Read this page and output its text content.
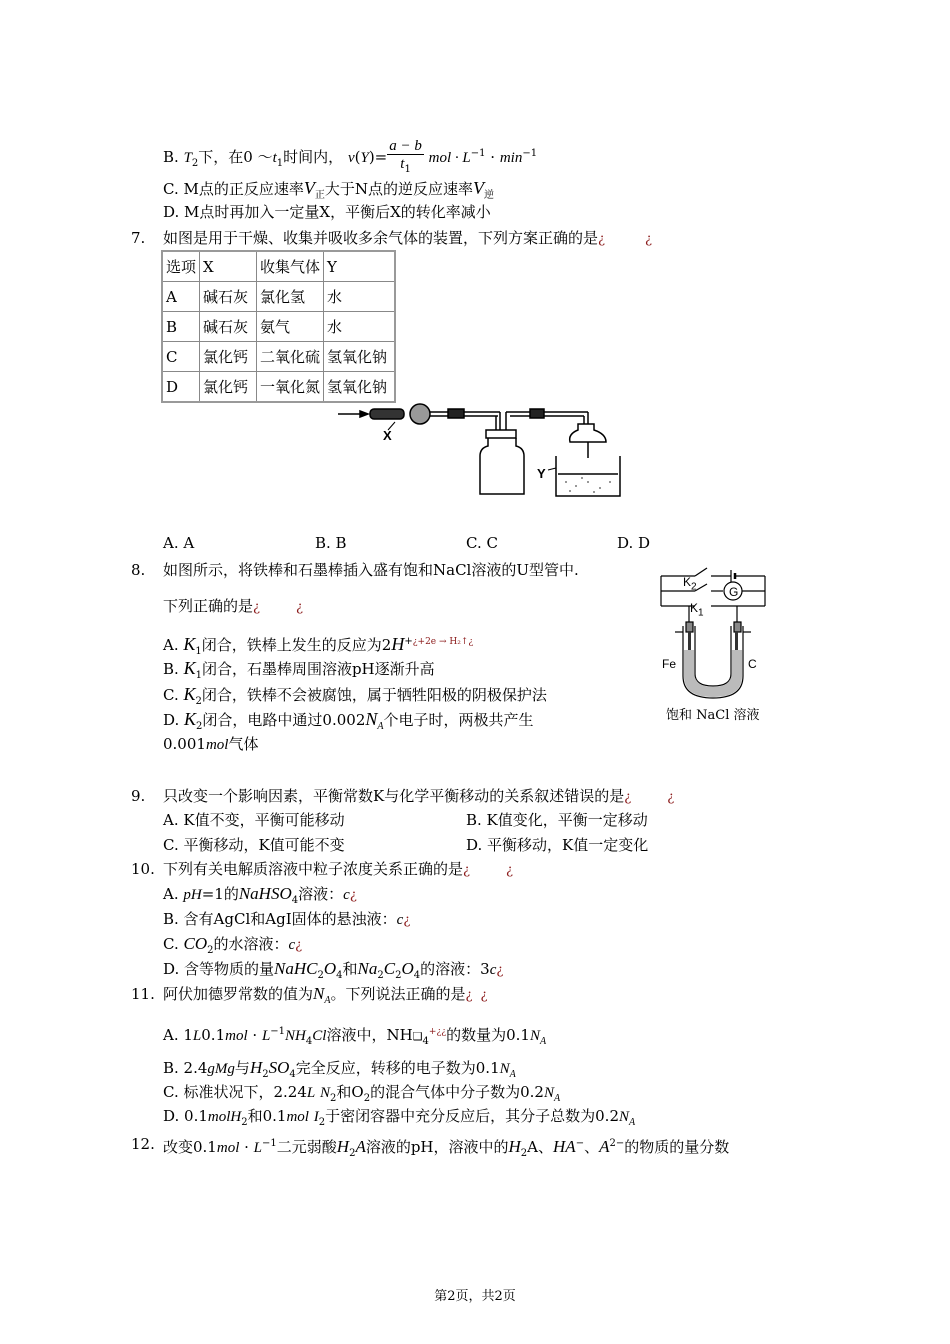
B. $T_2$下，在0 $\sim t_1$时间内， $v(Y)= \frac{a - b}{t_1}$ mol · $L^{-1} \cdot \min^{-1}$
C. M点的正反应速率$V_正$大于N点的逆反应速率$V_逆$
D. M点时再加入一定量X，平衡后X的转化率减小
7. 如图是用于干燥、收集并吸收多余气体的装置，下列方案正确的是¿	¿
选项	X	收集气体	Y
A	碱石灰	氯化氢	水
B	碱石灰	氨气	水
C	氯化钙	二氧化硫	氢氧化钠
D	氯化钙	一氧化氮	氢氧化钠
X
Y
A. A	B. B	C. C	D. D
8. 如图所示，将铁棒和石墨棒插入盛有饱和NaCl溶液的U型管中.
下列正确的是¿	¿
A. $K_1$闭合，铁棒上发生的反应为$2H^{+¿+2e \to H_2↑¿}$
B. $K_1$闭合，石墨棒周围溶液pH逐渐升高
C. $K_2$闭合，铁棒不会被腐蚀，属于牺牲阳极的阴极保护法
D. $K_2$闭合，电路中通过$0.002N_A$个电子时，两极共产生
0.001mol气体
$K_2$
$K_1$
G
Fe	C
饱和 NaCl 溶液
9. 只改变一个影响因素，平衡常数K与化学平衡移动的关系叙述错误的是¿	¿
A. K值不变，平衡可能移动	B. K值变化，平衡一定移动
C. 平衡移动，K值可能不变	D. 平衡移动，K值一定变化
10. 下列有关电解质溶液中粒子浓度关系正确的是¿	¿
A. pH=1的NaHSO$_4$溶液：c¿
B. 含有AgCl和AgI固体的悬浊液：c¿
C. $CO_2$的水溶液：c¿
D. 含等物质的量$NaHC_2O_4$和$Na_2C_2O_4$的溶液：3c¿
11. 阿伏加德罗常数的值为$N_A$。下列说法正确的是¿ ¿
A. $1L0.1mol \cdot L^{-1}NH_4Cl$溶液中，$NH❑_4^{+¿¿}$的数量为$0.1N_A$
B. 2.4gMg与$H_2SO_4$完全反应，转移的电子数为$0.1N_A$
C. 标准状况下，2.24L $N_2$和$O_2$的混合气体中分子数为$0.2N_A$
D. 0.1molH$_2$和0.1mol $I_2$于密闭容器中充分反应后，其分子总数为$0.2N_A$
12. 改变$0.1mol \cdot L^{-1}$二元弱酸$H_2A$溶液的pH，溶液中的$H_2A$、HA−、$A^{2-}$的物质的量分数
第2页，共2页
